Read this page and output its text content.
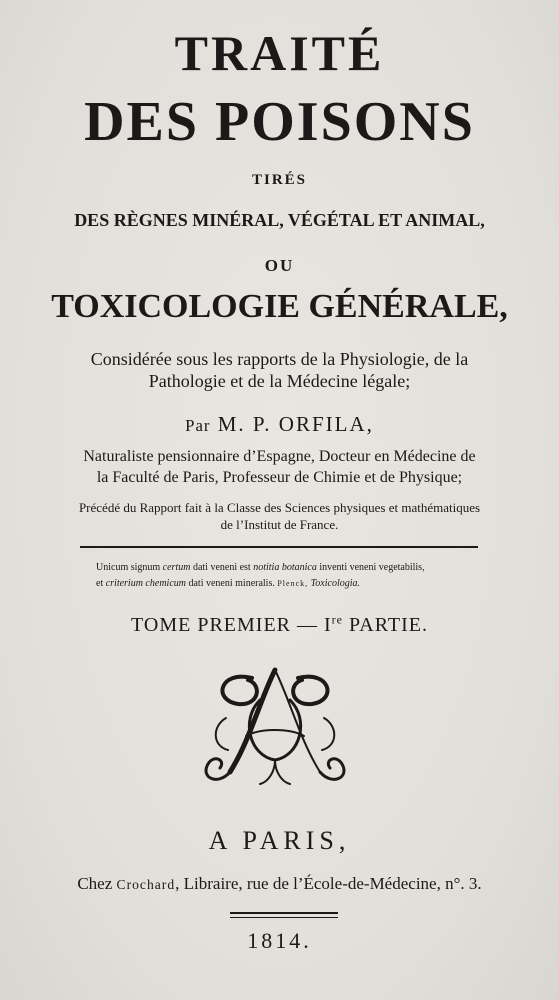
TRAITÉ
DES POISONS
TIRÉS
DES RÈGNES MINÉRAL, VÉGÉTAL ET ANIMAL,
OU
TOXICOLOGIE GÉNÉRALE,
Considérée sous les rapports de la Physiologie, de la
Pathologie et de la Médecine légale;
Par M. P. ORFILA,
Naturaliste pensionnaire d’Espagne, Docteur en Médecine de
la Faculté de Paris, Professeur de Chimie et de Physique;
Précédé du Rapport fait à la Classe des Sciences physiques et mathématiques
de l’Institut de France.
Unicum signum certum dati veneni est notitia botanica inventi veneni vegetabilis,
et criterium chemicum dati veneni mineralis. Plenck, Toxicologia.
TOME PREMIER — Ire PARTIE.
A PARIS,
Chez Crochard, Libraire, rue de l’École-de-Médecine, n°. 3.
1814.
